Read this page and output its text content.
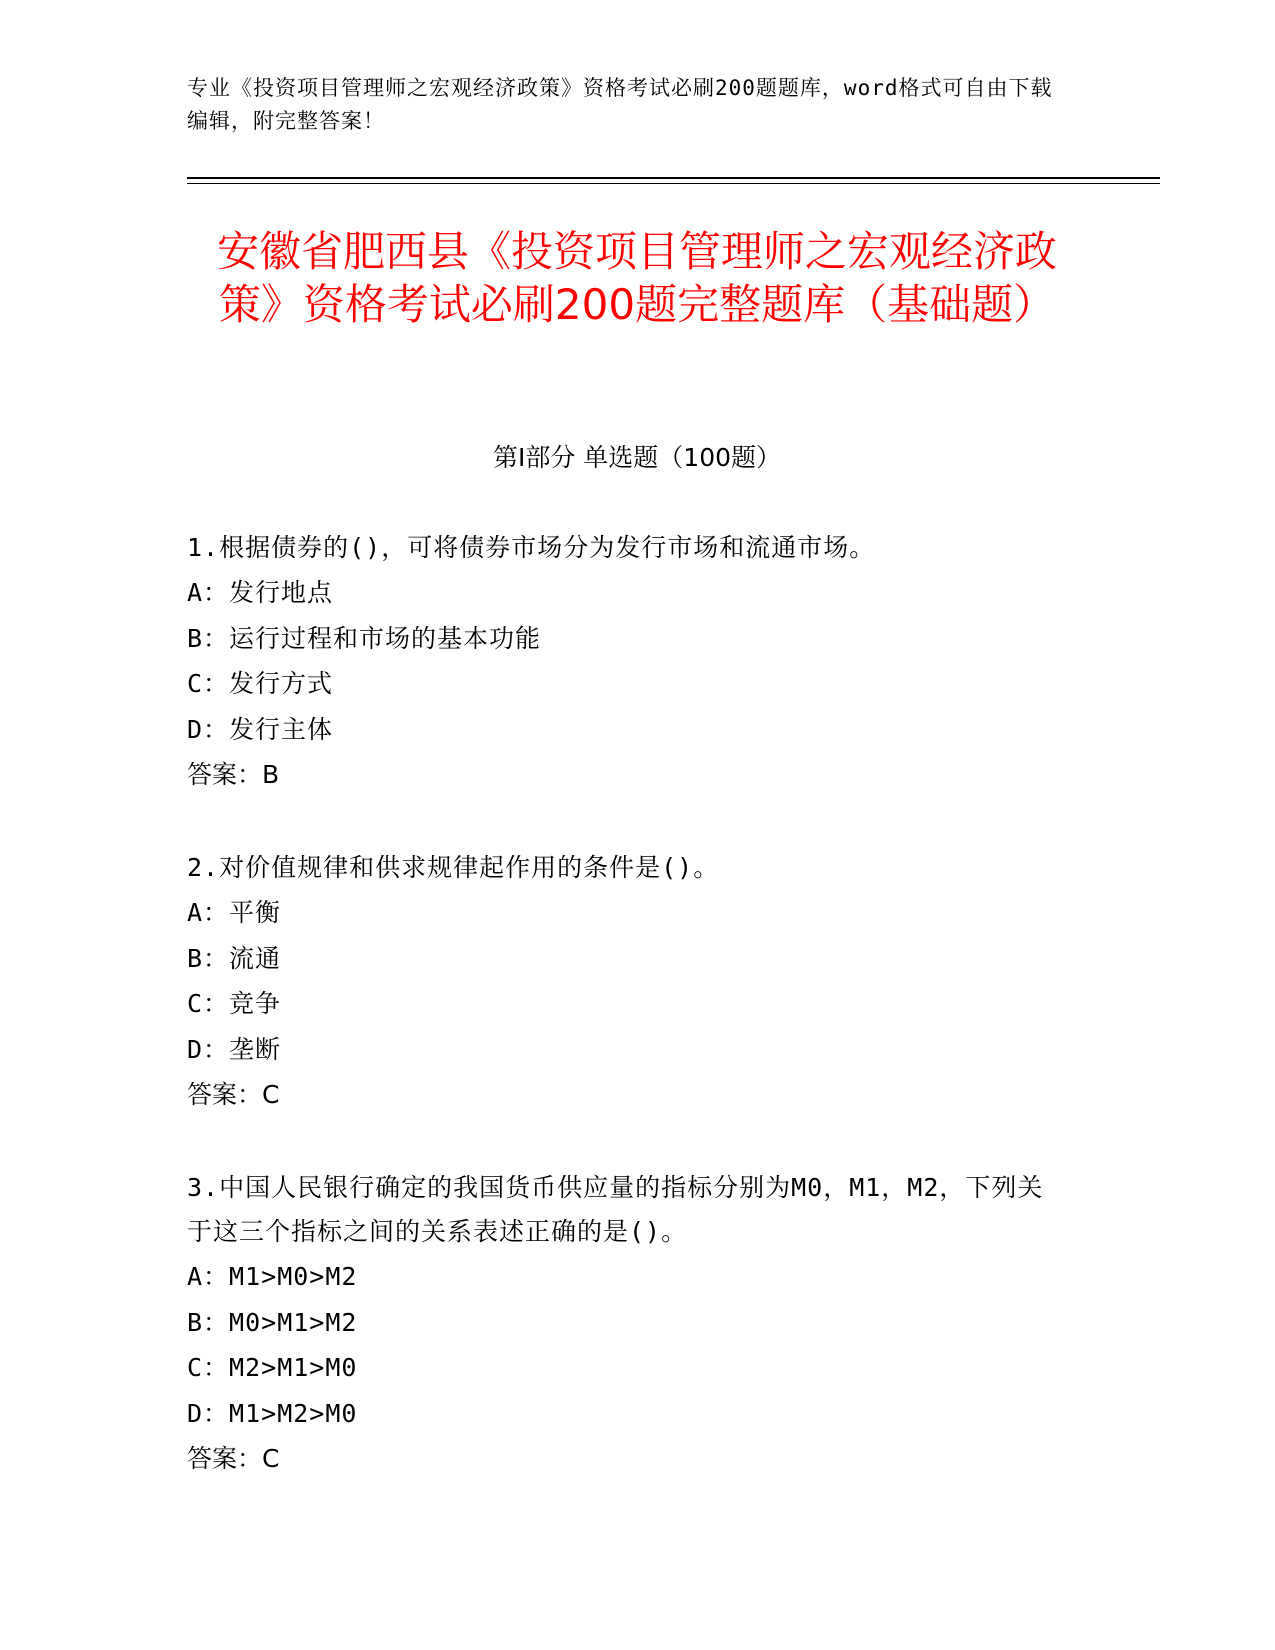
专业《投资项目管理师之宏观经济政策》资格考试必刷200题题库，word格式可自由下载编辑，附完整答案！
安徽省肥西县《投资项目管理师之宏观经济政策》资格考试必刷200题完整题库（基础题）
第I部分 单选题（100题）

1.根据债券的()，可将债券市场分为发行市场和流通市场。

A：发行地点

B：运行过程和市场的基本功能

C：发行方式

D：发行主体

答案：B

2.对价值规律和供求规律起作用的条件是()。

A：平衡

B：流通

C：竞争

D：垄断

答案：C

3.中国人民银行确定的我国货币供应量的指标分别为M0，M1，M2，下列关于这三个指标之间的关系表述正确的是()。

A：M1>M0>M2

B：M0>M1>M2

C：M2>M1>M0

D：M1>M2>M0

答案：C
